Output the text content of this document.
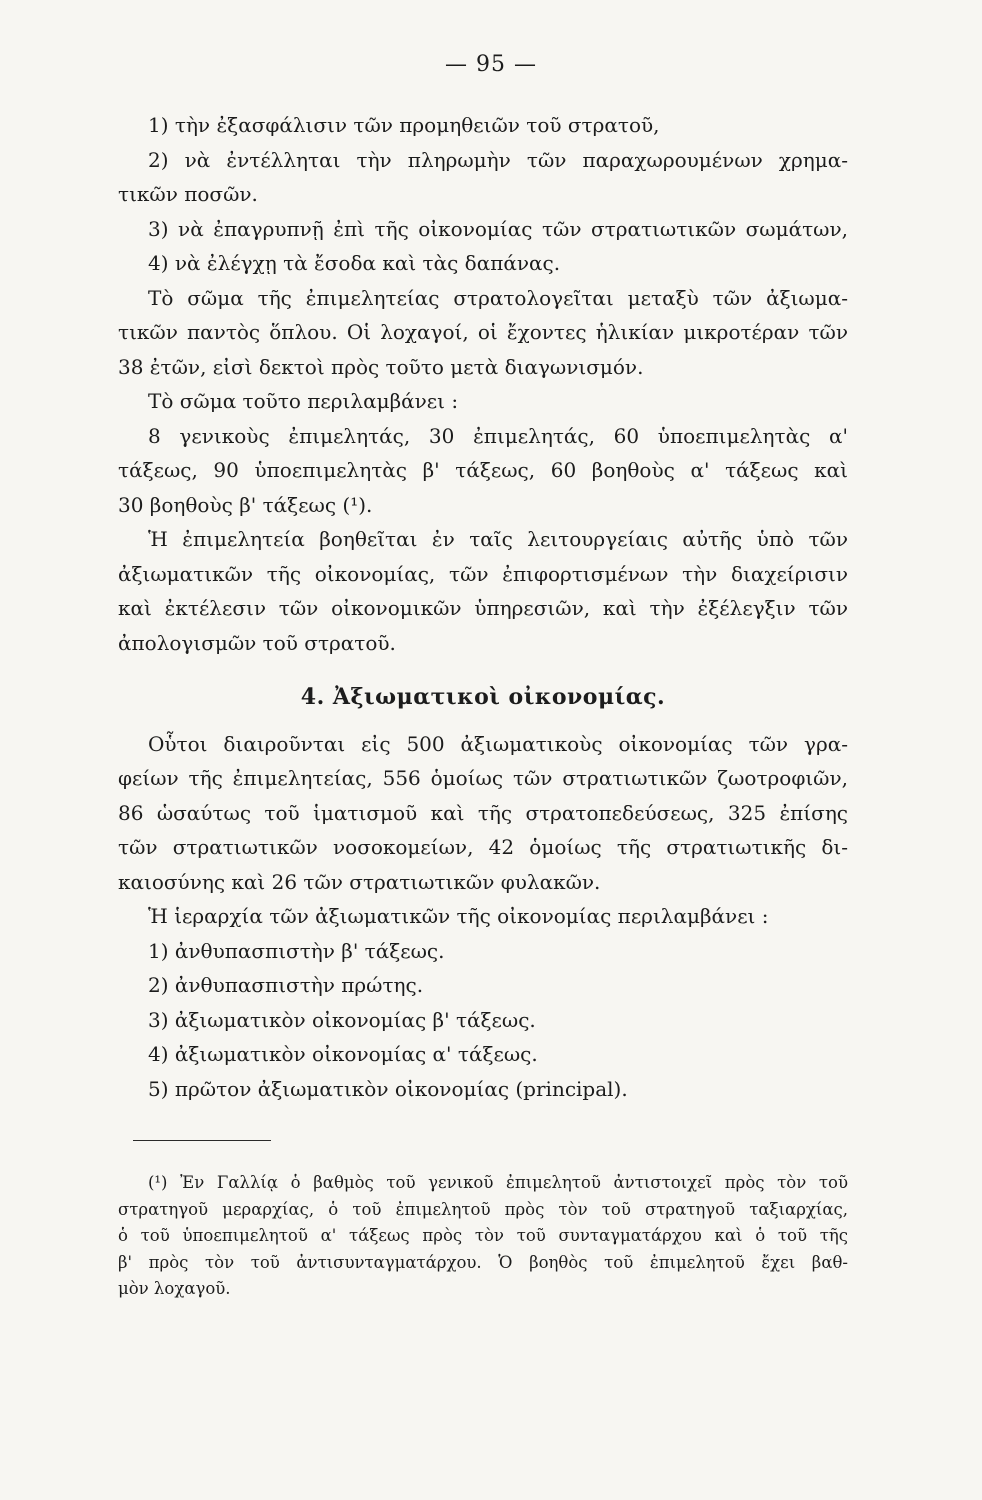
— 95 —
1) τὴν ἐξασφάλισιν τῶν προμηθειῶν τοῦ στρατοῦ,
2) νὰ ἐντέλληται τὴν πληρωμὴν τῶν παραχωρουμένων χρημα-
τικῶν ποσῶν.
3) νὰ ἐπαγρυπνῇ ἐπὶ τῆς οἰκονομίας τῶν στρατιωτικῶν σωμάτων,
4) νὰ ἐλέγχῃ τὰ ἔσοδα καὶ τὰς δαπάνας.
Τὸ σῶμα τῆς ἐπιμελητείας στρατολογεῖται μεταξὺ τῶν ἀξιωμα-
τικῶν παντὸς ὅπλου. Οἱ λοχαγοί, οἱ ἔχοντες ἡλικίαν μικροτέραν τῶν
38 ἐτῶν, εἰσὶ δεκτοὶ πρὸς τοῦτο μετὰ διαγωνισμόν.
Τὸ σῶμα τοῦτο περιλαμβάνει :
8 γενικοὺς ἐπιμελητάς, 30 ἐπιμελητάς, 60 ὑποεπιμελητὰς α'
τάξεως, 90 ὑποεπιμελητὰς β' τάξεως, 60 βοηθοὺς α' τάξεως καὶ
30 βοηθοὺς β' τάξεως (¹).
Ἡ ἐπιμελητεία βοηθεῖται ἐν ταῖς λειτουργείαις αὐτῆς ὑπὸ τῶν
ἀξιωματικῶν τῆς οἰκονομίας, τῶν ἐπιφορτισμένων τὴν διαχείρισιν
καὶ ἐκτέλεσιν τῶν οἰκονομικῶν ὑπηρεσιῶν, καὶ τὴν ἐξέλεγξιν τῶν
ἀπολογισμῶν τοῦ στρατοῦ.
4. Ἀξιωματικοὶ οἰκονομίας.
Οὗτοι διαιροῦνται εἰς 500 ἀξιωματικοὺς οἰκονομίας τῶν γρα-
φείων τῆς ἐπιμελητείας, 556 ὁμοίως τῶν στρατιωτικῶν ζωοτροφιῶν,
86 ὡσαύτως τοῦ ἱματισμοῦ καὶ τῆς στρατοπεδεύσεως, 325 ἐπίσης
τῶν στρατιωτικῶν νοσοκομείων, 42 ὁμοίως τῆς στρατιωτικῆς δι-
καιοσύνης καὶ 26 τῶν στρατιωτικῶν φυλακῶν.
Ἡ ἱεραρχία τῶν ἀξιωματικῶν τῆς οἰκονομίας περιλαμβάνει :
1) ἀνθυπασπιστὴν β' τάξεως.
2) ἀνθυπασπιστὴν πρώτης.
3) ἀξιωματικὸν οἰκονομίας β' τάξεως.
4) ἀξιωματικὸν οἰκονομίας α' τάξεως.
5) πρῶτον ἀξιωματικὸν οἰκονομίας (principal).
(¹) Ἐν Γαλλίᾳ ὁ βαθμὸς τοῦ γενικοῦ ἐπιμελητοῦ ἀντιστοιχεῖ πρὸς τὸν τοῦ
στρατηγοῦ μεραρχίας, ὁ τοῦ ἐπιμελητοῦ πρὸς τὸν τοῦ στρατηγοῦ ταξιαρχίας,
ὁ τοῦ ὑποεπιμελητοῦ α' τάξεως πρὸς τὸν τοῦ συνταγματάρχου καὶ ὁ τοῦ τῆς
β' πρὸς τὸν τοῦ ἀντισυνταγματάρχου. Ὁ βοηθὸς τοῦ ἐπιμελητοῦ ἔχει βαθ-
μὸν λοχαγοῦ.
